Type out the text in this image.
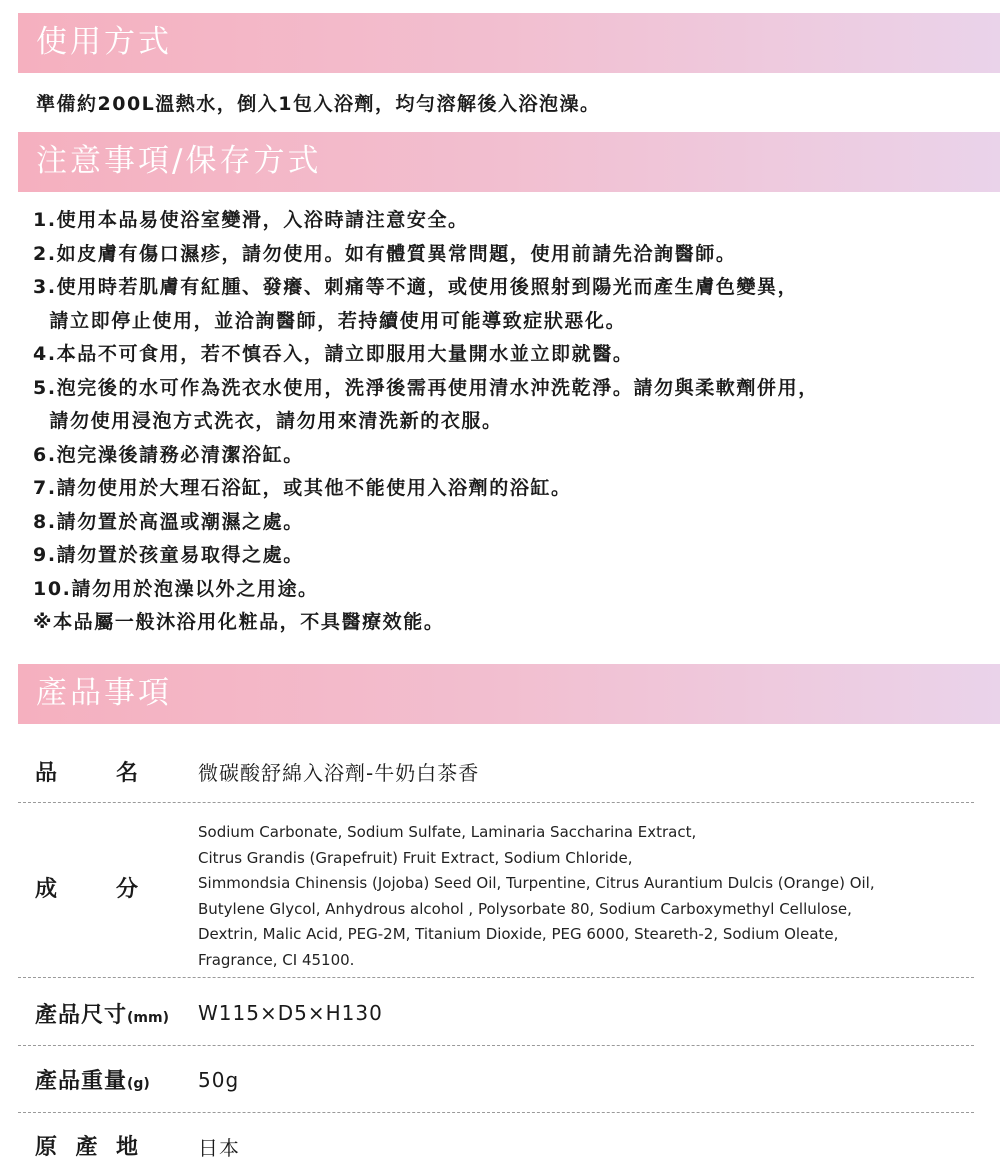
使用方式
準備約200L溫熱水，倒入1包入浴劑，均勻溶解後入浴泡澡。
注意事項/保存方式
1.使用本品易使浴室變滑，入浴時請注意安全。
2.如皮膚有傷口濕疹，請勿使用。如有體質異常問題，使用前請先洽詢醫師。
3.使用時若肌膚有紅腫、發癢、刺痛等不適，或使用後照射到陽光而產生膚色變異，
請立即停止使用，並洽詢醫師，若持續使用可能導致症狀惡化。
4.本品不可食用，若不慎吞入，請立即服用大量開水並立即就醫。
5.泡完後的水可作為洗衣水使用，洗淨後需再使用清水沖洗乾淨。請勿與柔軟劑併用，
請勿使用浸泡方式洗衣，請勿用來清洗新的衣服。
6.泡完澡後請務必清潔浴缸。
7.請勿使用於大理石浴缸，或其他不能使用入浴劑的浴缸。
8.請勿置於高溫或潮濕之處。
9.請勿置於孩童易取得之處。
10.請勿用於泡澡以外之用途。
※本品屬一般沐浴用化粧品，不具醫療效能。
產品事項
品	名	微碳酸舒綿入浴劑-牛奶白茶香
成	分
Sodium Carbonate, Sodium Sulfate, Laminaria Saccharina Extract,
Citrus Grandis (Grapefruit) Fruit Extract, Sodium Chloride,
Simmondsia Chinensis (Jojoba) Seed Oil, Turpentine, Citrus Aurantium Dulcis (Orange) Oil,
Butylene Glycol, Anhydrous alcohol , Polysorbate 80, Sodium Carboxymethyl Cellulose,
Dextrin, Malic Acid, PEG-2M, Titanium Dioxide, PEG 6000, Steareth-2, Sodium Oleate,
Fragrance, CI 45100.
產品尺寸(mm) W115×D5×H130
產品重量(g) 50g
原 產 地	日本
